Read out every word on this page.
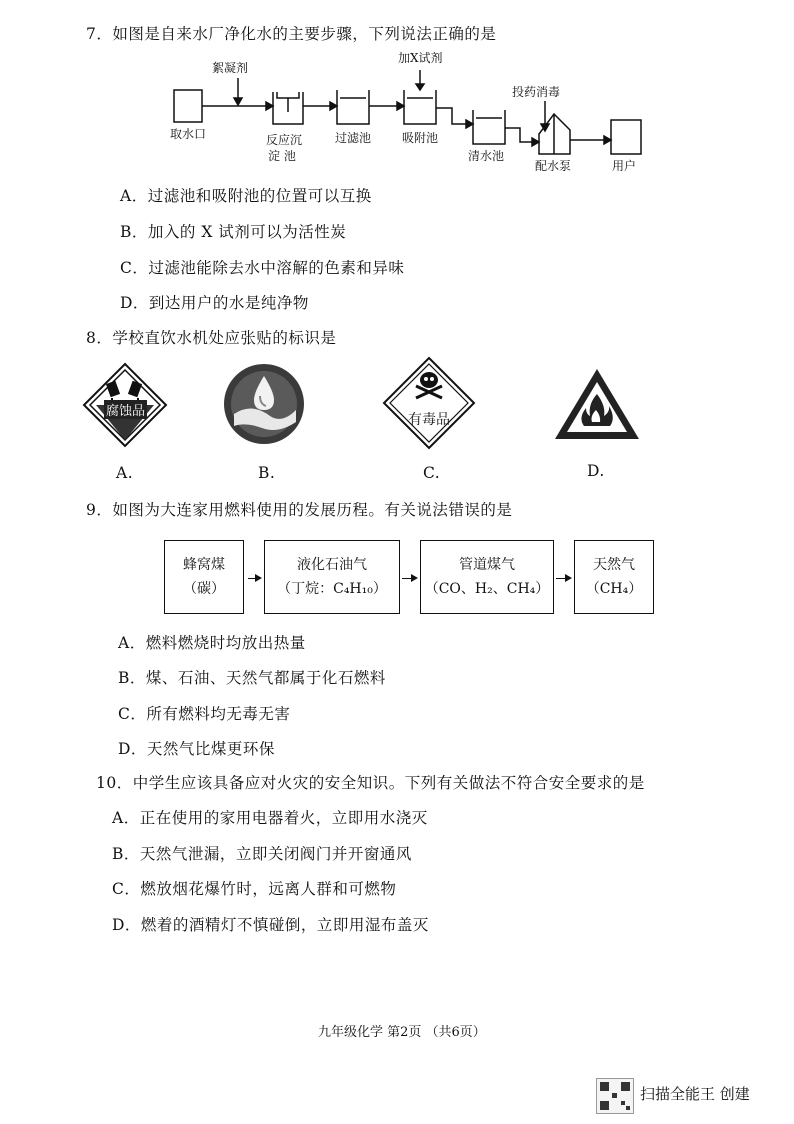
7．如图是自来水厂净化水的主要步骤，下列说法正确的是
絮凝剂
加X试剂
投药消毒
取水口	反应沉
淀 池
过滤池	吸附池
清水池
配水泵	用户
A．过滤池和吸附池的位置可以互换
B．加入的 X 试剂可以为活性炭
C．过滤池能除去水中溶解的色素和异味
D．到达用户的水是纯净物
8．学校直饮水机处应张贴的标识是
腐蚀品
有毒品
A.	B.	C.	D.
9．如图为大连家用燃料使用的发展历程。有关说法错误的是
蜂窝煤
（碳）
液化石油气
（丁烷：C₄H₁₀）
管道煤气
（CO、H₂、CH₄）
天然气
（CH₄）
A．燃料燃烧时均放出热量
B．煤、石油、天然气都属于化石燃料
C．所有燃料均无毒无害
D．天然气比煤更环保
10．中学生应该具备应对火灾的安全知识。下列有关做法不符合安全要求的是
A．正在使用的家用电器着火，立即用水浇灭
B．天然气泄漏，立即关闭阀门并开窗通风
C．燃放烟花爆竹时，远离人群和可燃物
D．燃着的酒精灯不慎碰倒，立即用湿布盖灭
九年级化学 第2页 （共6页）
扫描全能王 创建
